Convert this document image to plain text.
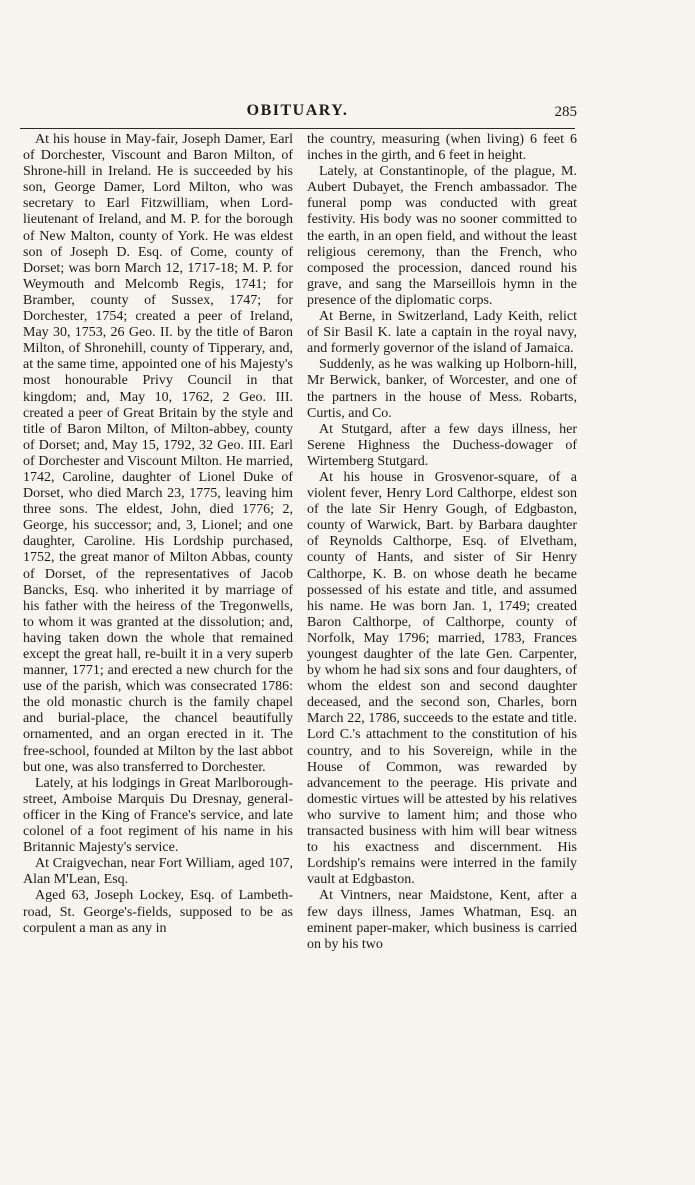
OBITUARY.	285

At his house in May-fair, Joseph Damer, Earl of Dorchester, Viscount and Baron Milton, of Shrone-hill in Ireland. He is succeeded by his son, George Damer, Lord Milton, who was secretary to Earl Fitzwilliam, when Lord-lieutenant of Ireland, and M. P. for the borough of New Malton, county of York. He was eldest son of Joseph D. Esq. of Come, county of Dorset; was born March 12, 1717-18; M. P. for Weymouth and Melcomb Regis, 1741; for Bramber, county of Sussex, 1747; for Dorchester, 1754; created a peer of Ireland, May 30, 1753, 26 Geo. II. by the title of Baron Milton, of Shronehill, county of Tipperary, and, at the same time, appointed one of his Majesty's most honourable Privy Council in that kingdom; and, May 10, 1762, 2 Geo. III. created a peer of Great Britain by the style and title of Baron Milton, of Milton-abbey, county of Dorset; and, May 15, 1792, 32 Geo. III. Earl of Dorchester and Viscount Milton. He married, 1742, Caroline, daughter of Lionel Duke of Dorset, who died March 23, 1775, leaving him three sons. The eldest, John, died 1776; 2, George, his successor; and, 3, Lionel; and one daughter, Caroline. His Lordship purchased, 1752, the great manor of Milton Abbas, county of Dorset, of the representatives of Jacob Bancks, Esq. who inherited it by marriage of his father with the heiress of the Tregonwells, to whom it was granted at the dissolution; and, having taken down the whole that remained except the great hall, re-built it in a very superb manner, 1771; and erected a new church for the use of the parish, which was consecrated 1786: the old monastic church is the family chapel and burial-place, the chancel beautifully ornamented, and an organ erected in it. The free-school, founded at Milton by the last abbot but one, was also transferred to Dorchester.

Lately, at his lodgings in Great Marlborough-street, Amboise Marquis Du Dresnay, general-officer in the King of France's service, and late colonel of a foot regiment of his name in his Britannic Majesty's service.

At Craigvechan, near Fort William, aged 107, Alan M'Lean, Esq.

Aged 63, Joseph Lockey, Esq. of Lambeth-road, St. George's-fields, supposed to be as corpulent a man as any in

the country, measuring (when living) 6 feet 6 inches in the girth, and 6 feet in height.

Lately, at Constantinople, of the plague, M. Aubert Dubayet, the French ambassador. The funeral pomp was conducted with great festivity. His body was no sooner committed to the earth, in an open field, and without the least religious ceremony, than the French, who composed the procession, danced round his grave, and sang the Marseillois hymn in the presence of the diplomatic corps.

At Berne, in Switzerland, Lady Keith, relict of Sir Basil K. late a captain in the royal navy, and formerly governor of the island of Jamaica.

Suddenly, as he was walking up Holborn-hill, Mr Berwick, banker, of Worcester, and one of the partners in the house of Mess. Robarts, Curtis, and Co.

At Stutgard, after a few days illness, her Serene Highness the Duchess-dowager of Wirtemberg Stutgard.

At his house in Grosvenor-square, of a violent fever, Henry Lord Calthorpe, eldest son of the late Sir Henry Gough, of Edgbaston, county of Warwick, Bart. by Barbara daughter of Reynolds Calthorpe, Esq. of Elvetham, county of Hants, and sister of Sir Henry Calthorpe, K. B. on whose death he became possessed of his estate and title, and assumed his name. He was born Jan. 1, 1749; created Baron Calthorpe, of Calthorpe, county of Norfolk, May 1796; married, 1783, Frances youngest daughter of the late Gen. Carpenter, by whom he had six sons and four daughters, of whom the eldest son and second daughter deceased, and the second son, Charles, born March 22, 1786, succeeds to the estate and title. Lord C.'s attachment to the constitution of his country, and to his Sovereign, while in the House of Common, was rewarded by advancement to the peerage. His private and domestic virtues will be attested by his relatives who survive to lament him; and those who transacted business with him will bear witness to his exactness and discernment. His Lordship's remains were interred in the family vault at Edgbaston.

At Vintners, near Maidstone, Kent, after a few days illness, James Whatman, Esq. an eminent paper-maker, which business is carried on by his two
